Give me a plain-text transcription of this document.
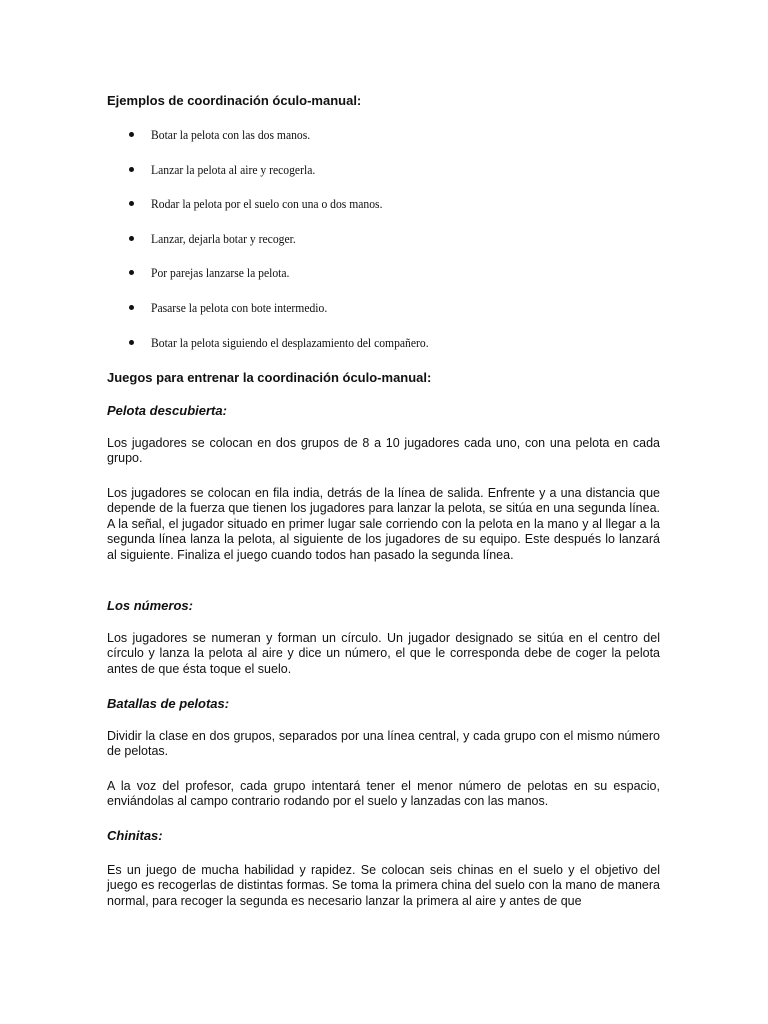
Ejemplos de coordinación óculo-manual:
Botar la pelota con las dos manos.
Lanzar la pelota al aire y recogerla.
Rodar la pelota por el suelo con una o dos manos.
Lanzar, dejarla botar y recoger.
Por parejas lanzarse la pelota.
Pasarse la pelota con bote intermedio.
Botar la pelota siguiendo el desplazamiento del compañero.
Juegos para entrenar la coordinación óculo-manual:
Pelota descubierta:

Los jugadores se colocan en dos grupos de 8 a 10 jugadores cada uno, con una pelota en cada grupo.

Los jugadores se colocan en fila india, detrás de la línea de salida. Enfrente y a una distancia que depende de la fuerza que tienen los jugadores para lanzar la pelota, se sitúa en una segunda línea. A la señal, el jugador situado en primer lugar sale corriendo con la pelota en la mano y al llegar a la segunda línea lanza la pelota, al siguiente de los jugadores de su equipo. Este después lo lanzará al siguiente. Finaliza el juego cuando todos han pasado la segunda línea.

Los números:

Los jugadores se numeran y forman un círculo. Un jugador designado se sitúa en el centro del círculo y lanza la pelota al aire y dice un número, el que le corresponda debe de coger la pelota antes de que ésta toque el suelo.

Batallas de pelotas:

Dividir la clase en dos grupos, separados por una línea central, y cada grupo con el mismo número de pelotas.

A la voz del profesor, cada grupo intentará tener el menor número de pelotas en su espacio, enviándolas al campo contrario rodando por el suelo y lanzadas con las manos.

Chinitas:

Es un juego de mucha habilidad y rapidez. Se colocan seis chinas en el suelo y el objetivo del juego es recogerlas de distintas formas. Se toma la primera china del suelo con la mano de manera normal, para recoger la segunda es necesario lanzar la primera al aire y antes de que
